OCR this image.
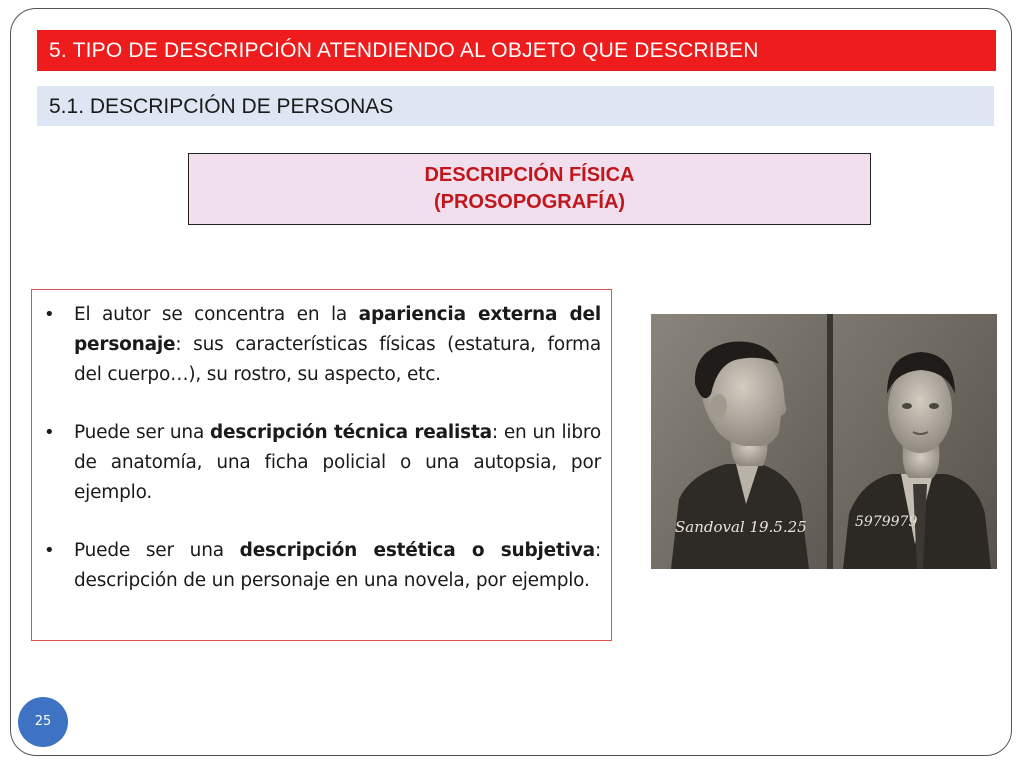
5. TIPO DE DESCRIPCIÓN ATENDIENDO AL OBJETO QUE DESCRIBEN
5.1. DESCRIPCIÓN DE PERSONAS
DESCRIPCIÓN FÍSICA
(PROSOPOGRAFÍA)
• El autor se concentra en la apariencia externa del personaje: sus características físicas (estatura, forma del cuerpo…), su rostro, su aspecto, etc.
• Puede ser una descripción técnica realista: en un libro de anatomía, una ficha policial o una autopsia, por ejemplo.
• Puede ser una descripción estética o subjetiva: descripción de un personaje en una novela, por ejemplo.
Sandoval 19.5.25	5979979
25
